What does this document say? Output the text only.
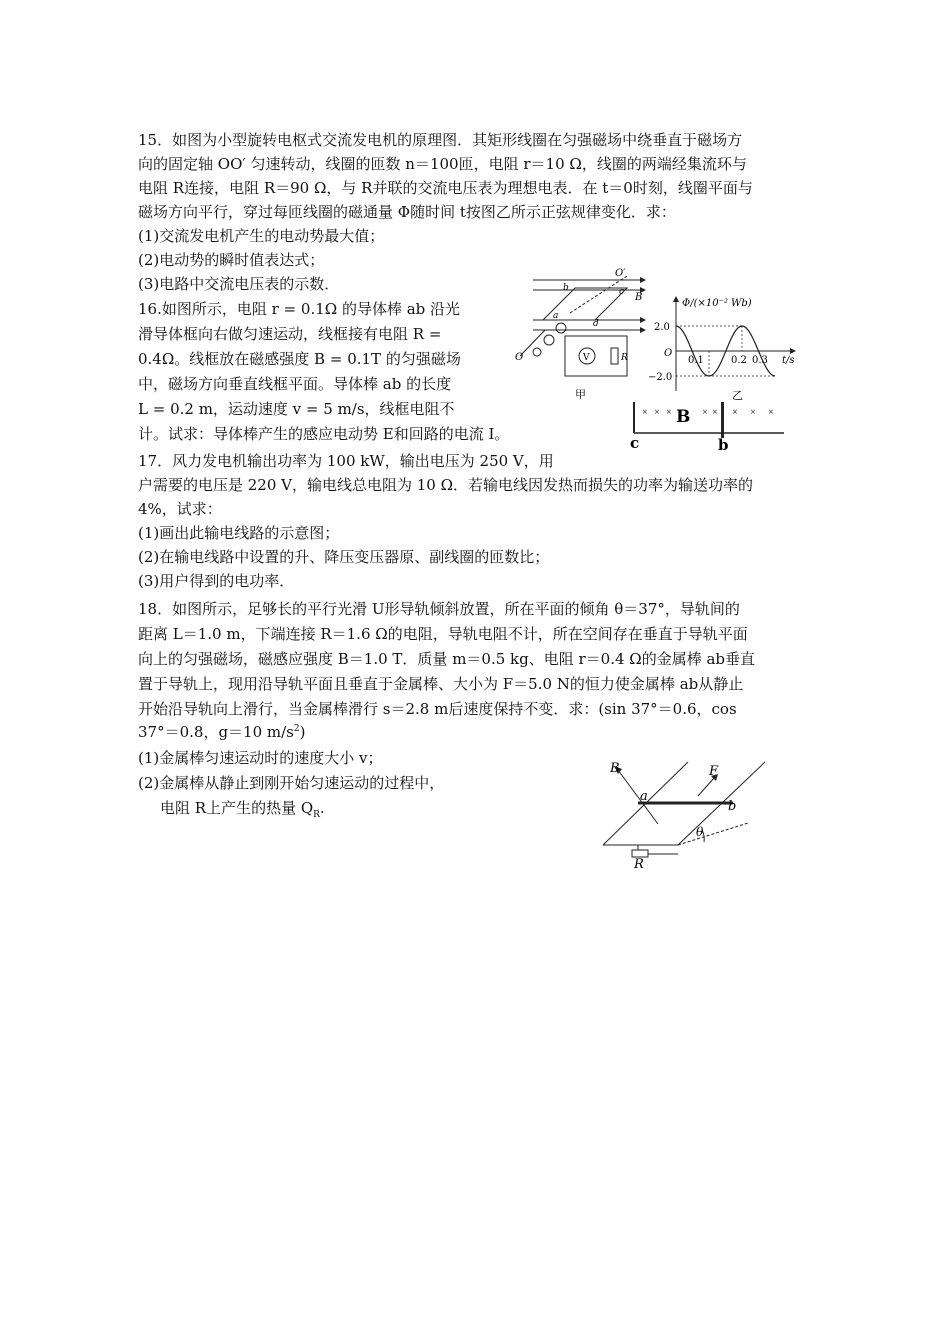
15．如图为小型旋转电枢式交流发电机的原理图．其矩形线圈在匀强磁场中绕垂直于磁场方
向的固定轴 OO′ 匀速转动，线圈的匝数 n＝100匝，电阻 r＝10 Ω，线圈的两端经集流环与
电阻 R连接，电阻 R＝90 Ω，与 R并联的交流电压表为理想电表．在 t＝0时刻，线圈平面与
磁场方向平行，穿过每匝线圈的磁通量 Φ随时间 t按图乙所示正弦规律变化．求：
(1)交流发电机产生的电动势最大值；
(2)电动势的瞬时值表达式；
(3)电路中交流电压表的示数．
16.如图所示，电阻 r = 0.1Ω 的导体棒 ab 沿光
滑导体框向右做匀速运动，线框接有电阻 R =
0.4Ω。线框放在磁感强度 B = 0.1T 的匀强磁场
中，磁场方向垂直线框平面。导体棒 ab 的长度
L = 0.2 m，运动速度 v = 5 m/s，线框电阻不
计。试求：导体棒产生的感应电动势 E和回路的电流 I。
17．风力发电机输出功率为 100 kW，输出电压为 250 V，用
户需要的电压是 220 V，输电线总电阻为 10 Ω．若输电线因发热而损失的功率为输送功率的
4%，试求：
(1)画出此输电线路的示意图；
(2)在输电线路中设置的升、降压变压器原、副线圈的匝数比；
(3)用户得到的电功率．
18．如图所示，足够长的平行光滑 U形导轨倾斜放置，所在平面的倾角 θ＝37°，导轨间的
距离 L＝1.0 m，下端连接 R＝1.6 Ω的电阻，导轨电阻不计，所在空间存在垂直于导轨平面
向上的匀强磁场，磁感应强度 B＝1.0 T．质量 m＝0.5 kg、电阻 r＝0.4 Ω的金属棒 ab垂直
置于导轨上，现用沿导轨平面且垂直于金属棒、大小为 F＝5.0 N的恒力使金属棒 ab从静止
开始沿导轨向上滑行，当金属棒滑行 s＝2.8 m后速度保持不变．求：(sin 37°＝0.6，cos
37°＝0.8，g＝10 $m/s^2$)
(1)金属棒匀速运动时的速度大小 v；
(2)金属棒从静止到刚开始匀速运动的过程中，
电阻 R上产生的热量 $Q_R$.
O′
B
b	c
a
d
O	V	R
甲
Φ/(×10⁻² Wb)
2.0
−2.0
O
0.1	0.2 0.3 t/s
乙
× × ×	× × × × ×
B
c	b
B	F
a
b
θ
R
